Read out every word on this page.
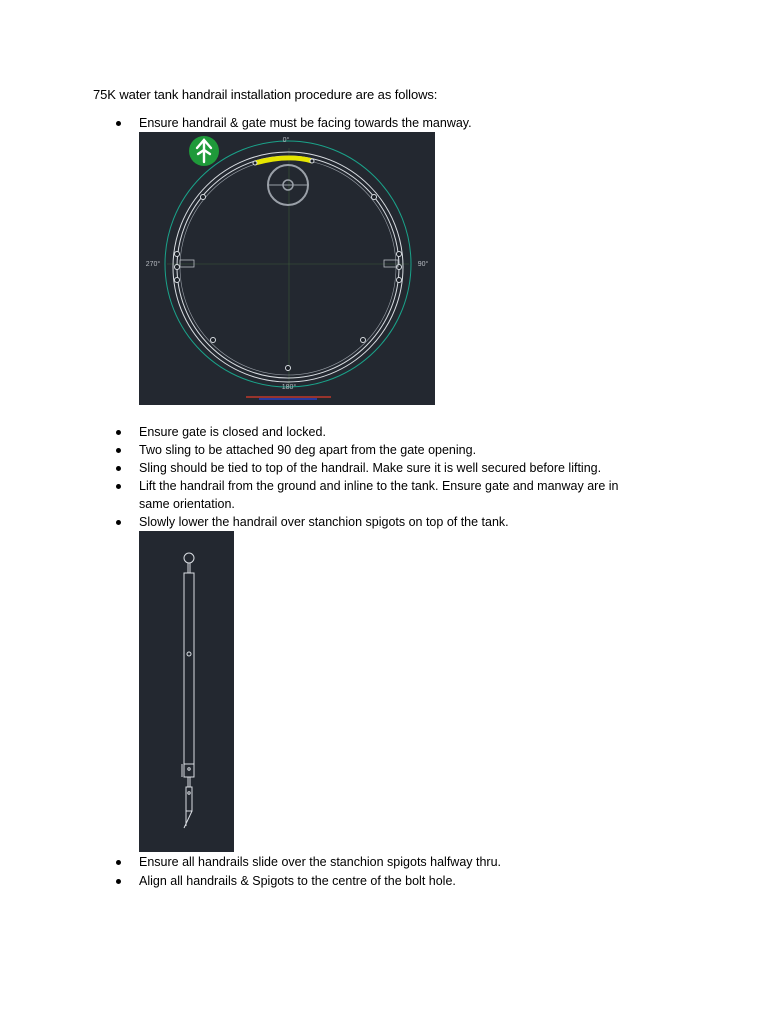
75K water tank handrail installation procedure are as follows:
Ensure handrail & gate must be facing towards the manway.
0°
90°
180°
270°
Ensure gate is closed and locked.
Two sling to be attached 90 deg apart from the gate opening.
Sling should be tied to top of the handrail. Make sure it is well secured before lifting.
Lift the handrail from the ground and inline to the tank. Ensure gate and manway are in
same orientation.
Slowly lower the handrail over stanchion spigots on top of the tank.
Ensure all handrails slide over the stanchion spigots halfway thru.
Align all handrails & Spigots to the centre of the bolt hole.
